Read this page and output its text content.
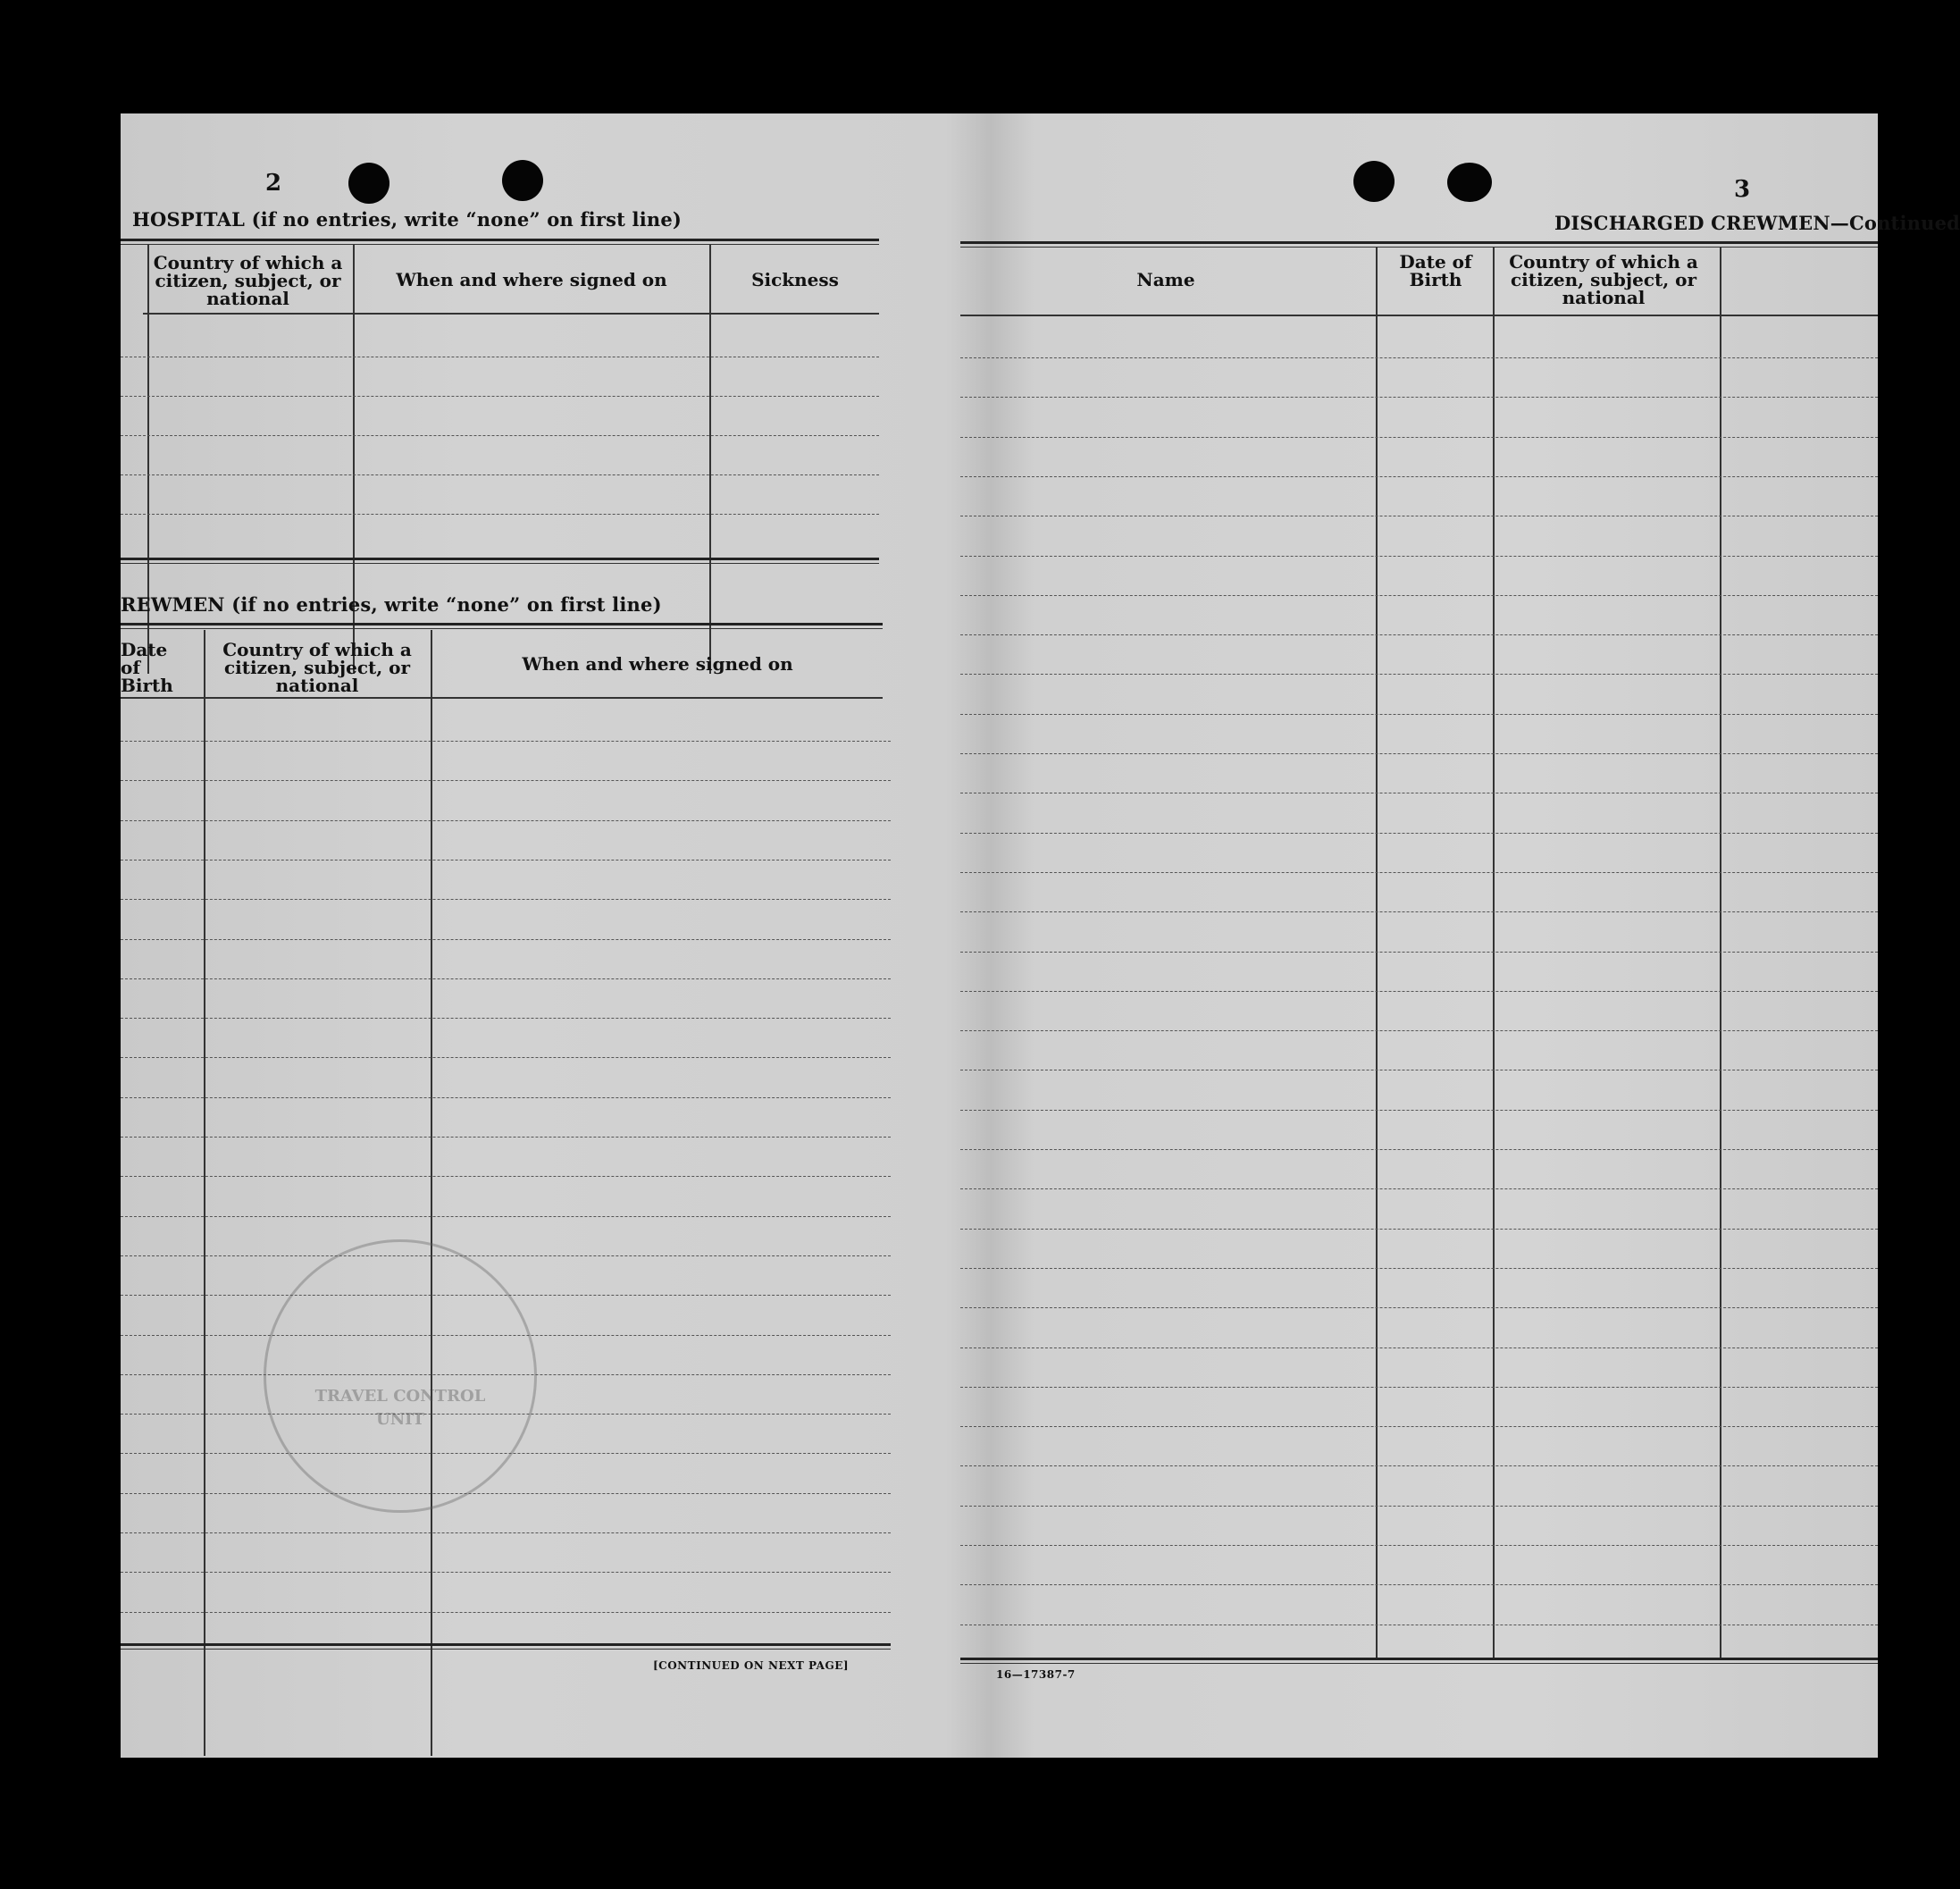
2
HOSPITAL (if no entries, write “none” on first line)
Country of which a citizen, subject, or national
When and where signed on	Sickness
REWMEN (if no entries, write “none” on first line)
Date of Birth
Country of which a citizen, subject, or national
When and where signed on
[CONTINUED ON NEXT PAGE]
TRAVEL CONTROL
UNIT
3
DISCHARGED CREWMEN—Continued
Name
Date of Birth
Country of which a citizen, subject, or national
16—17387-7
